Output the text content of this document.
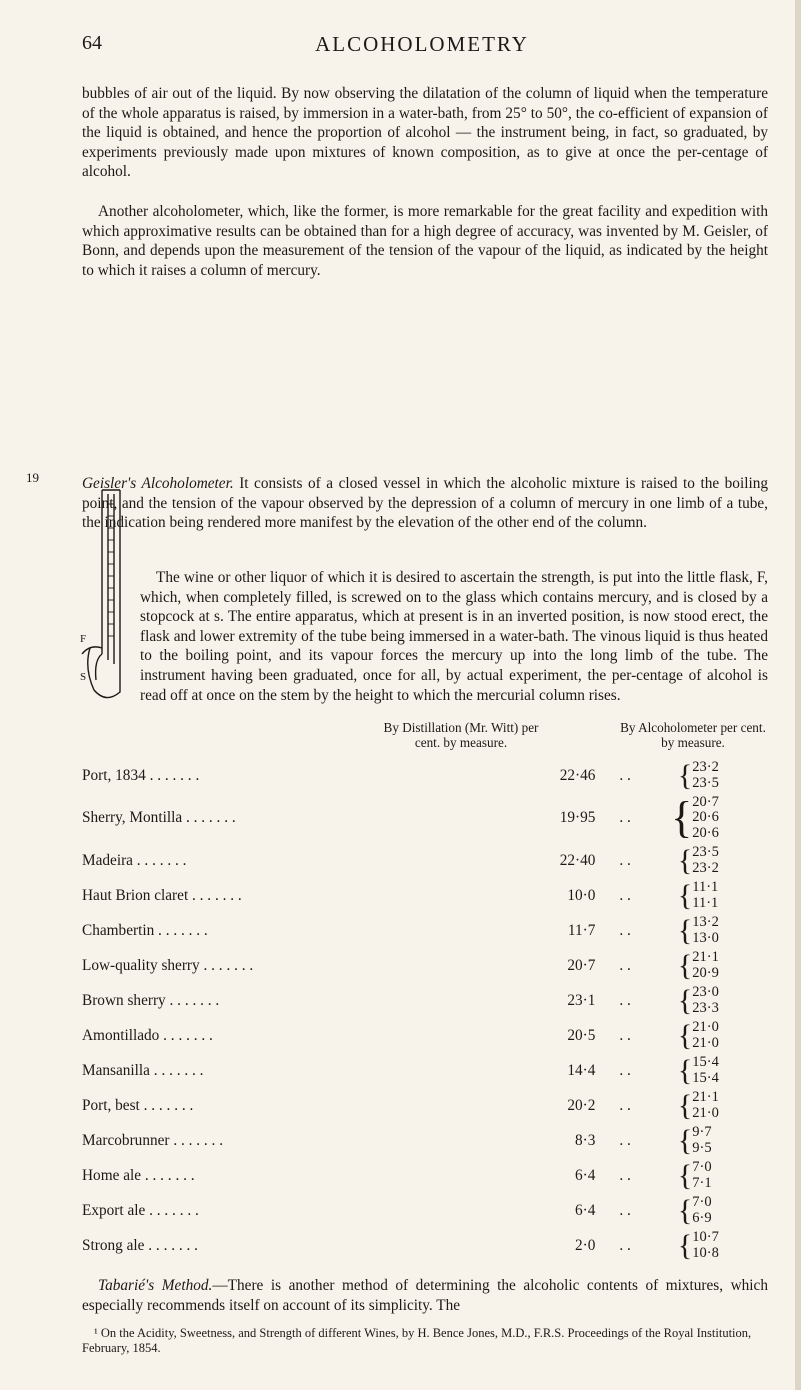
64	ALCOHOLOMETRY

bubbles of air out of the liquid. By now observing the dilatation of the column of liquid when the temperature of the whole apparatus is raised, by immersion in a water-bath, from 25° to 50°, the co-efficient of expansion of the liquid is obtained, and hence the proportion of alcohol — the instrument being, in fact, so graduated, by experiments previously made upon mixtures of known composition, as to give at once the per-centage of alcohol.

Another alcoholometer, which, like the former, is more remarkable for the great facility and expedition with which approximative results can be obtained than for a high degree of accuracy, was invented by M. Geisler, of Bonn, and depends upon the measurement of the tension of the vapour of the liquid, as indicated by the height to which it raises a column of mercury.

19
F
S
Geisler's Alcoholometer. It consists of a closed vessel in which the alcoholic mixture is raised to the boiling point, and the tension of the vapour observed by the depression of a column of mercury in one limb of a tube, the indication being rendered more manifest by the elevation of the other end of the column.
The wine or other liquor of which it is desired to ascertain the strength, is put into the little flask, F, which, when completely filled, is screwed on to the glass which contains mercury, and is closed by a stopcock at s. The entire apparatus, which at present is in an inverted position, is now stood erect, the flask and lower extremity of the tube being immersed in a water-bath. The vinous liquid is thus heated to the boiling point, and its vapour forces the mercury up into the long limb of the tube. The instrument having been graduated, once for all, by actual experiment, the per-centage of alcohol is read off at once on the stem by the height to which the mercurial column rises.
By Distillation (Mr. Witt) per cent. by measure.
By Alcoholometer per cent. by measure.
Port, 1834 . . . . . . .	22·46	. .	{	23·2
23·5

Sherry, Montilla . . . . . . .	19·95	. .	{	20·7
20·6
20·6

Madeira . . . . . . .	22·40	. .	{	23·5
23·2

Haut Brion claret . . . . . . .	10·0	. .	{	11·1
11·1

Chambertin . . . . . . .	11·7	. .	{	13·2
13·0

Low-quality sherry . . . . . . .	20·7	. .	{	21·1
20·9

Brown sherry . . . . . . .	23·1	. .	{	23·0
23·3

Amontillado . . . . . . .	20·5	. .	{	21·0
21·0

Mansanilla . . . . . . .	14·4	. .	{	15·4
15·4

Port, best . . . . . . .	20·2	. .	{	21·1
21·0

Marcobrunner . . . . . . .	8·3	. .	{	9·7
9·5

Home ale . . . . . . .	6·4	. .	{	7·0
7·1

Export ale . . . . . . .	6·4	. .	{	7·0
6·9

Strong ale . . . . . . .	2·0	. .	{	10·7
10·8

Tabarié's Method.—There is another method of determining the alcoholic contents of mixtures, which especially recommends itself on account of its simplicity. The

¹ On the Acidity, Sweetness, and Strength of different Wines, by H. Bence Jones, M.D., F.R.S. Proceedings of the Royal Institution, February, 1854.
